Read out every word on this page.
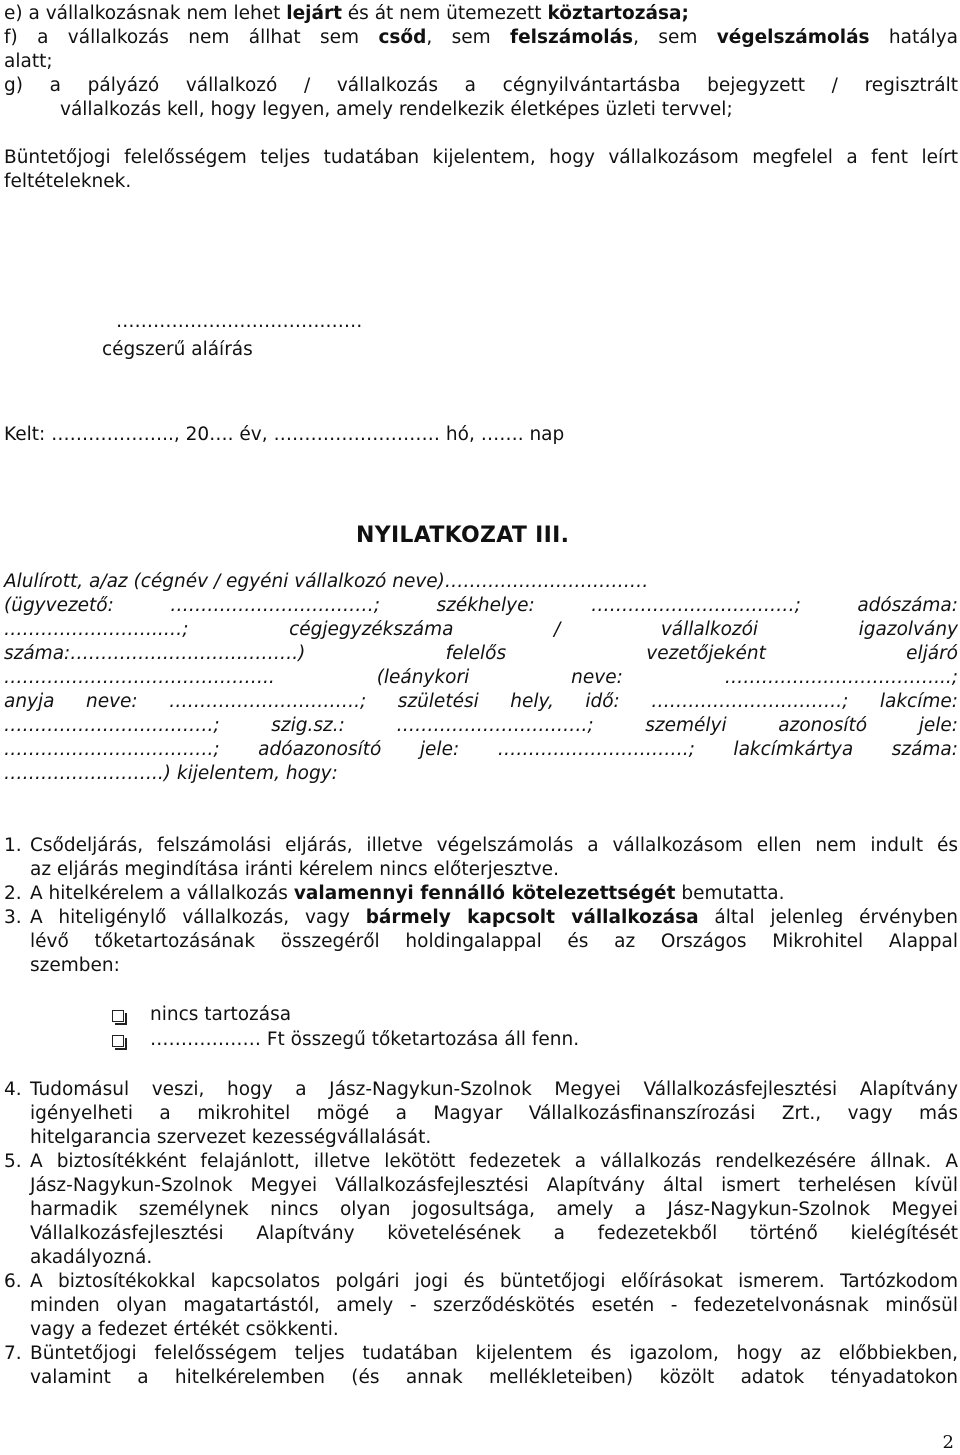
e) a vállalkozásnak nem lehet lejárt és át nem ütemezett köztartozása;
f) a vállalkozás nem állhat sem csőd, sem felszámolás, sem végelszámolás hatálya
alatt;
g) a pályázó vállalkozó / vállalkozás a cégnyilvántartásba bejegyzett / regisztrált
vállalkozás kell, hogy legyen, amely rendelkezik életképes üzleti tervvel;
Büntetőjogi felelősségem teljes tudatában kijelentem, hogy vállalkozásom megfelel a fent leírt
feltételeknek.
…………………………….……
cégszerű aláírás
Kelt: ……………….., 20…. év, ……………………… hó, ……. nap
NYILATKOZAT III.
Alulírott, a/az (cégnév / egyéni vállalkozó neve)……………………………
(ügyvezető: ……………………………; székhelye: ……………………………; adószáma:
……………………..…; cégjegyzékszáma / vállalkozói igazolvány
száma:……………………………….) felelős vezetőjeként eljáró
…………………………………….. (leánykori neve: …………….………………...;
anyja neve: ………………………….; születési hely, idő: ………………………….; lakcíme:
…………………………….; szig.sz.: ………………………….; személyi azonosító jele:
…………………………….; adóazonosító jele: ………………………….; lakcímkártya száma:
……………………..) kijelentem, hogy:
1. Csődeljárás, felszámolási eljárás, illetve végelszámolás a vállalkozásom ellen nem indult és
az eljárás megindítása iránti kérelem nincs előterjesztve.
2. A hitelkérelem a vállalkozás valamennyi fennálló kötelezettségét bemutatta.
3. A hiteligénylő vállalkozás, vagy bármely kapcsolt vállalkozása által jelenleg érvényben
lévő tőketartozásának összegéről holdingalappal és az Országos Mikrohitel Alappal
szemben:
nincs tartozása
……………… Ft összegű tőketartozása áll fenn.
4. Tudomásul veszi, hogy a Jász-Nagykun-Szolnok Megyei Vállalkozásfejlesztési Alapítvány
igényelheti a mikrohitel mögé a Magyar Vállalkozásfinanszírozási Zrt., vagy más
hitelgarancia szervezet kezességvállalását.
5. A biztosítékként felajánlott, illetve lekötött fedezetek a vállalkozás rendelkezésére állnak. A
Jász-Nagykun-Szolnok Megyei Vállalkozásfejlesztési Alapítvány által ismert terhelésen kívül
harmadik személynek nincs olyan jogosultsága, amely a Jász-Nagykun-Szolnok Megyei
Vállalkozásfejlesztési Alapítvány követelésének a fedezetekből történő kielégítését
akadályozná.
6. A biztosítékokkal kapcsolatos polgári jogi és büntetőjogi előírásokat ismerem. Tartózkodom
minden olyan magatartástól, amely - szerződéskötés esetén - fedezetelvonásnak minősül
vagy a fedezet értékét csökkenti.
7. Büntetőjogi felelősségem teljes tudatában kijelentem és igazolom, hogy az előbbiekben,
valamint a hitelkérelemben (és annak mellékleteiben) közölt adatok tényadatokon
2
